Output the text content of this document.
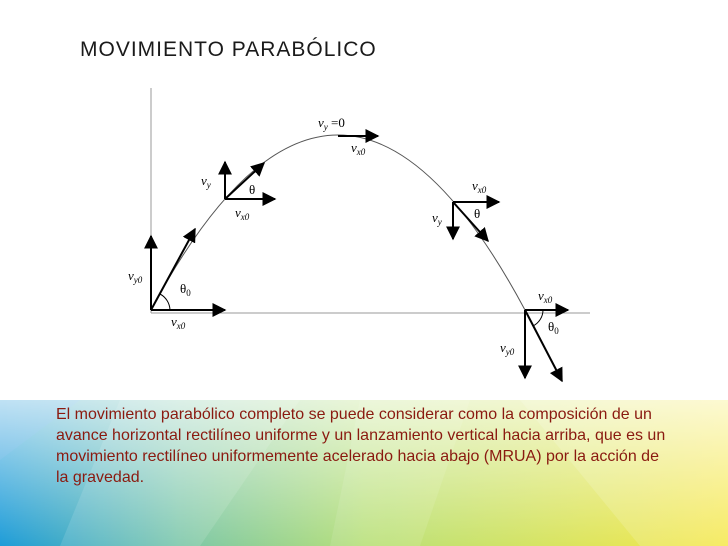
MOVIMIENTO PARABÓLICO
$v_{y0}$
$\theta_0$
$v_{x0}$
$v_y$	θ
$v_{x0}$
$v_y =0$
$v_{x0}$
$v_{x0}$
θ
$v_y$
$v_{x0}$
$\theta_0$
$v_{y0}$

El movimiento parabólico completo se puede considerar como la composición de un avance horizontal rectilíneo uniforme y un lanzamiento vertical hacia arriba, que es un movimiento rectilíneo uniformemente acelerado hacia abajo (MRUA) por la acción de la gravedad.
